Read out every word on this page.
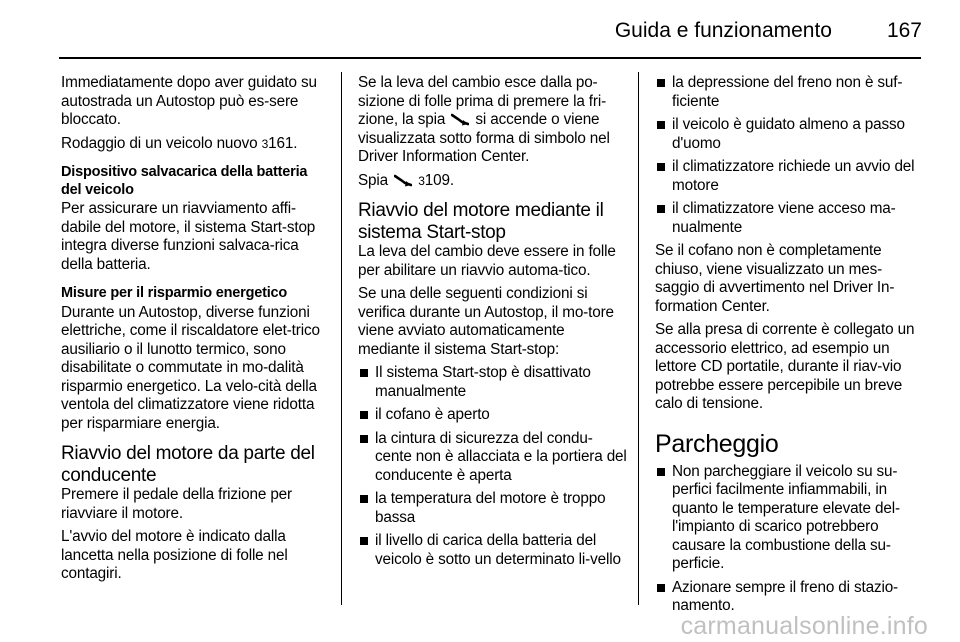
Guida e funzionamento	167

Immediatamente dopo aver guidato su autostrada un Autostop può es-sere bloccato.

Rodaggio di un veicolo nuovo 3161.

Dispositivo salvacarica della batteria del veicolo

Per assicurare un riavviamento affi-dabile del motore, il sistema Start-stop integra diverse funzioni salvaca-rica della batteria.

Misure per il risparmio energetico

Durante un Autostop, diverse funzioni elettriche, come il riscaldatore elet-trico ausiliario o il lunotto termico, sono disabilitate o commutate in mo-dalità risparmio energetico. La velo-cità della ventola del climatizzatore viene ridotta per risparmiare energia.

Riavvio del motore da parte del conducente

Premere il pedale della frizione per riavviare il motore.

L'avvio del motore è indicato dalla lancetta nella posizione di folle nel contagiri.

Se la leva del cambio esce dalla po-sizione di folle prima di premere la fri-zione, la spia si accende o viene visualizzata sotto forma di simbolo nel Driver Information Center.

Spia	3109.

Riavvio del motore mediante il sistema Start-stop

La leva del cambio deve essere in folle per abilitare un riavvio automa-tico.

Se una delle seguenti condizioni si verifica durante un Autostop, il mo-tore viene avviato automaticamente mediante il sistema Start-stop:

Il sistema Start-stop è disattivato manualmente
il cofano è aperto
la cintura di sicurezza del condu-cente non è allacciata e la portiera del conducente è aperta
la temperatura del motore è troppo bassa
il livello di carica della batteria del veicolo è sotto un determinato li-vello
la depressione del freno non è suf-ficiente
il veicolo è guidato almeno a passo d'uomo
il climatizzatore richiede un avvio del motore
il climatizzatore viene acceso ma-nualmente

Se il cofano non è completamente chiuso, viene visualizzato un mes-saggio di avvertimento nel Driver In-formation Center.

Se alla presa di corrente è collegato un accessorio elettrico, ad esempio un lettore CD portatile, durante il riav-vio potrebbe essere percepibile un breve calo di tensione.

Parcheggio
Non parcheggiare il veicolo su su-perfici facilmente infiammabili, in quanto le temperature elevate del-l'impianto di scarico potrebbero causare la combustione della su-perficie.
Azionare sempre il freno di stazio-namento.
carmanualsonline.info
